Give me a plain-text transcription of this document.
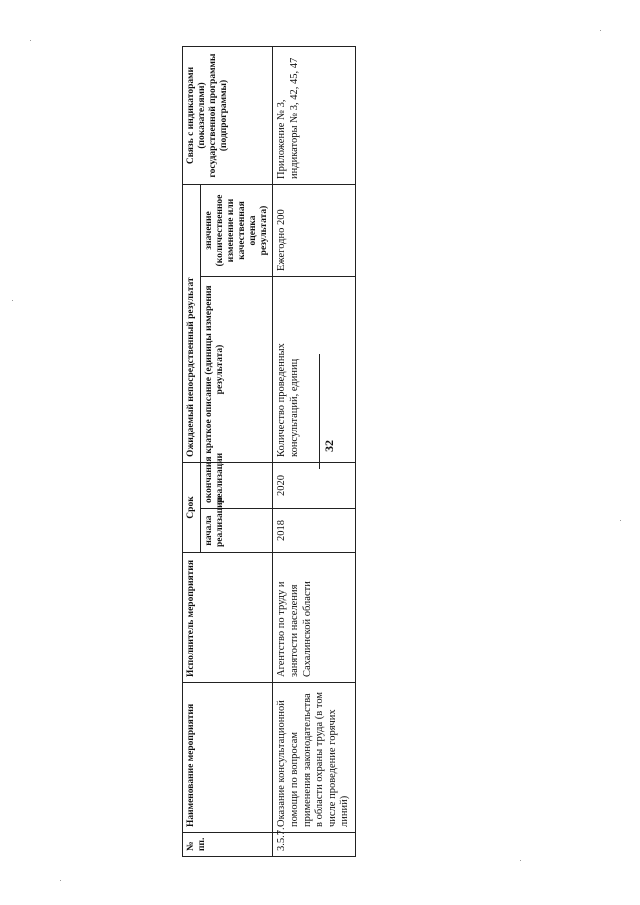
№ пп.	Наименование мероприятия	Исполнитель мероприятия	Срок		Ожидаемый непосредственный результат		Связь с индикаторами (показателями) государственной программы (подпрограммы)
			начала реализации	окончания реализации	краткое описание (единицы измерения результата)	значение (количественное изменение или качественная оценка результата)	
3.5.7.	Оказание консультационной помощи по вопросам применения законодательства в области охраны труда (в том числе проведение горячих линий)	Агентство по труду и занятости населения Сахалинской области	2018	2020	Количество проведенных консультаций, единиц	Ежегодно 200	Приложение № 3, индикаторы № 3, 42, 45, 47
32
